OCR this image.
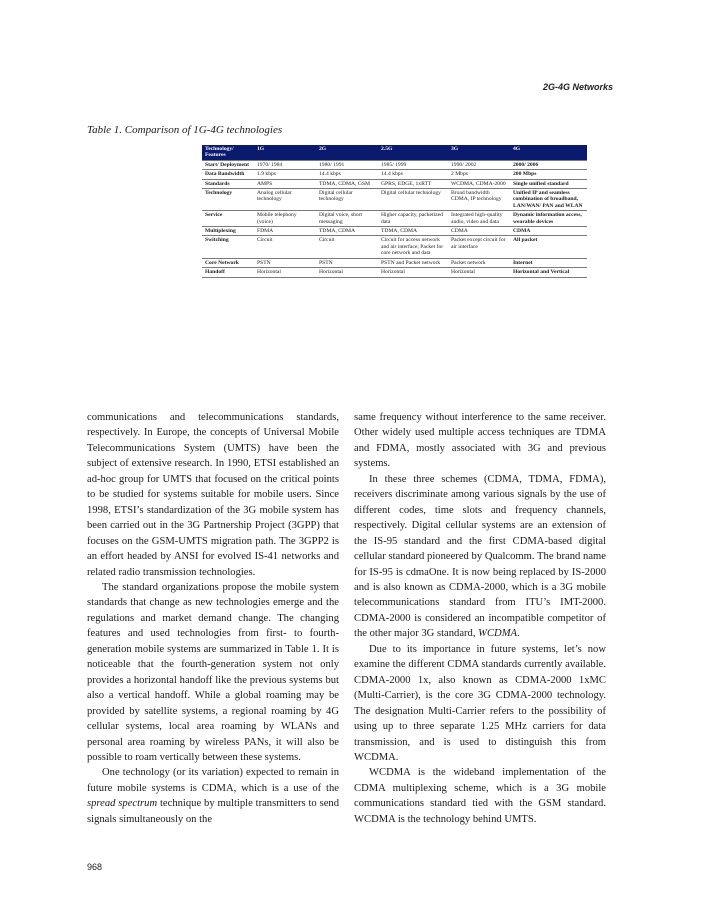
2G-4G Networks
Table 1. Comparison of 1G-4G technologies
Technology/ Features	1G	2G	2.5G	3G	4G
Start/ Deployment	1970/ 1984	1980/ 1991	1985/ 1999	1990/ 2002	2000/ 2006
Data Bandwidth	1.9 kbps	14.4 kbps	14.4 kbps	2 Mbps	200 Mbps
Standards	AMPS	TDMA, CDMA, GSM	GPRS, EDGE, 1xRTT	WCDMA, CDMA-2000	Single unified standard
Technology	Analog cellular technology	Digital cellular technology	Digital cellular technology	Broad bandwidth CDMA, IP technology	Unified IP and seamless combination of broadband, LAN/WAN/ PAN and WLAN
Service	Mobile telephony (voice)	Digital voice, short messaging	Higher capacity, packetized data	Integrated high-quality audio, video and data	Dynamic information access, wearable devices
Multiplexing	FDMA	TDMA, CDMA	TDMA, CDMA	CDMA	CDMA
Switching	Circuit	Circuit	Circuit for access network and air interface; Packet for core network and data	Packet except circuit for air interface	All packet
Core Network	PSTN	PSTN	PSTN and Packet network	Packet network	Internet
Handoff	Horizontal	Horizontal	Horizontal	Horizontal	Horizontal and Vertical

communications and telecommunications standards, respectively. In Europe, the concepts of Universal Mobile Telecommunications System (UMTS) have been the subject of extensive research. In 1990, ETSI established an ad-hoc group for UMTS that focused on the critical points to be studied for systems suitable for mobile users. Since 1998, ETSI’s standardization of the 3G mobile system has been carried out in the 3G Partnership Project (3GPP) that focuses on the GSM-UMTS migration path. The 3GPP2 is an effort headed by ANSI for evolved IS-41 networks and related radio transmission technologies.

The standard organizations propose the mobile system standards that change as new technologies emerge and the regulations and market demand change. The changing features and used technologies from first- to fourth-generation mobile systems are summarized in Table 1. It is noticeable that the fourth-generation system not only provides a horizontal handoff like the previous systems but also a vertical handoff. While a global roaming may be provided by satellite systems, a regional roaming by 4G cellular systems, local area roaming by WLANs and personal area roaming by wireless PANs, it will also be possible to roam vertically between these systems.

One technology (or its variation) expected to remain in future mobile systems is CDMA, which is a use of the spread spectrum technique by multiple transmitters to send signals simultaneously on the

same frequency without interference to the same receiver. Other widely used multiple access techniques are TDMA and FDMA, mostly associated with 3G and previous systems.

In these three schemes (CDMA, TDMA, FDMA), receivers discriminate among various signals by the use of different codes, time slots and frequency channels, respectively. Digital cellular systems are an extension of the IS-95 standard and the first CDMA-based digital cellular standard pioneered by Qualcomm. The brand name for IS-95 is cdmaOne. It is now being replaced by IS-2000 and is also known as CDMA-2000, which is a 3G mobile telecommunications standard from ITU’s IMT-2000. CDMA-2000 is considered an incompatible competitor of the other major 3G standard, WCDMA.

Due to its importance in future systems, let’s now examine the different CDMA standards currently available. CDMA-2000 1x, also known as CDMA-2000 1xMC (Multi-Carrier), is the core 3G CDMA-2000 technology. The designation Multi-Carrier refers to the possibility of using up to three separate 1.25 MHz carriers for data transmission, and is used to distinguish this from WCDMA.

WCDMA is the wideband implementation of the CDMA multiplexing scheme, which is a 3G mobile communications standard tied with the GSM standard. WCDMA is the technology behind UMTS.

968
